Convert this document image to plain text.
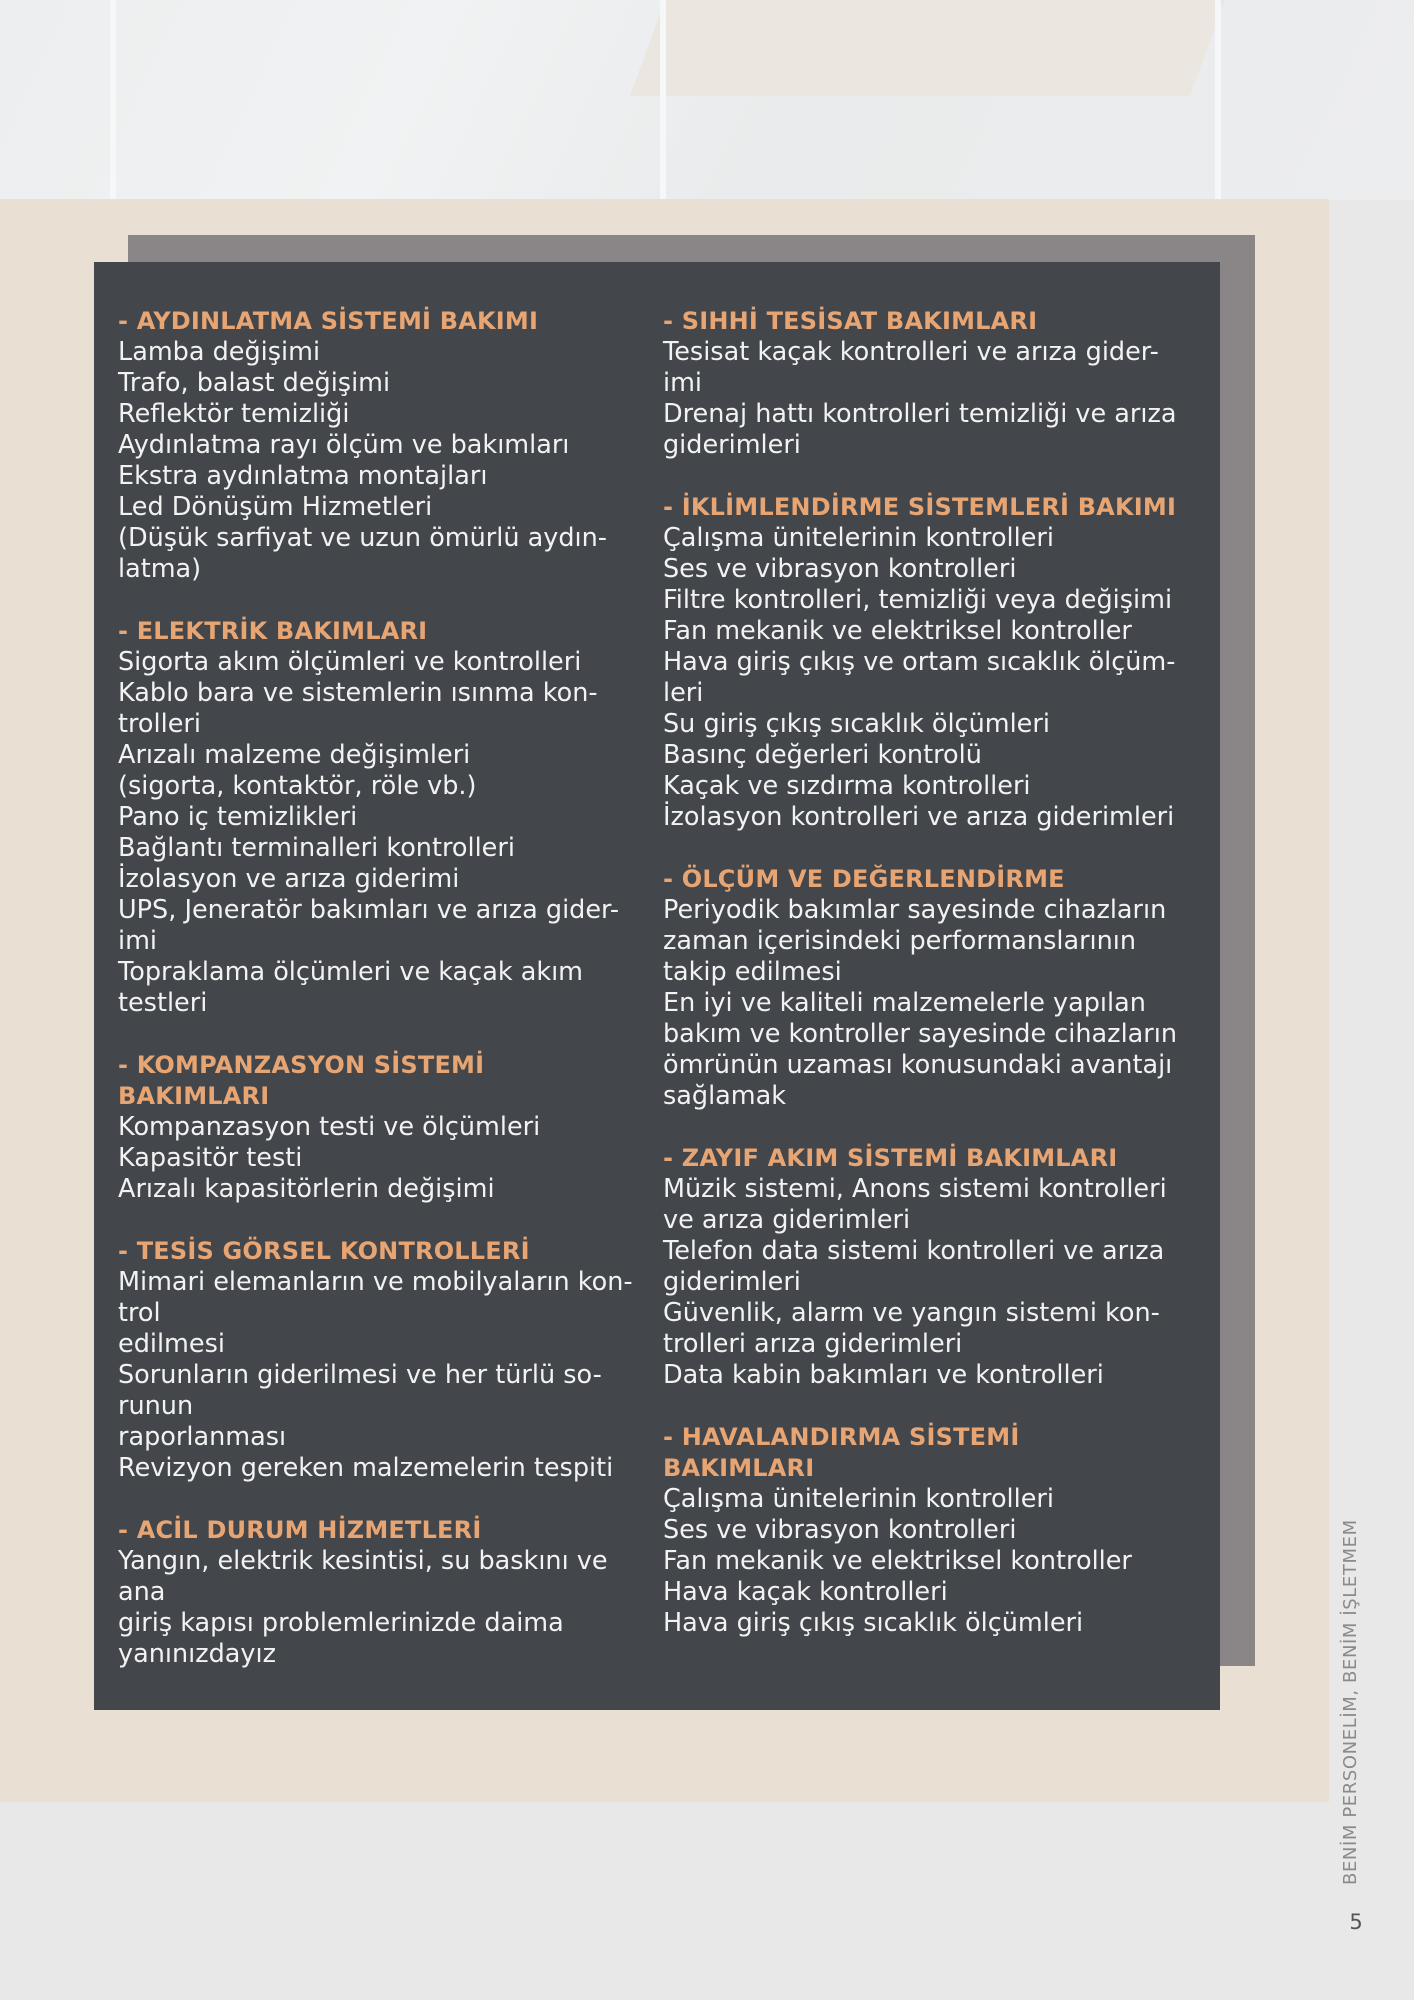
- AYDINLATMA SİSTEMİ BAKIMI
Lamba değişimi
Trafo, balast değişimi
Reflektör temizliği
Aydınlatma rayı ölçüm ve bakımları
Ekstra aydınlatma montajları
Led Dönüşüm Hizmetleri
(Düşük sarfiyat ve uzun ömürlü aydın-
latma)
- ELEKTRİK BAKIMLARI
Sigorta akım ölçümleri ve kontrolleri
Kablo bara ve sistemlerin ısınma kon-
trolleri
Arızalı malzeme değişimleri
(sigorta, kontaktör, röle vb.)
Pano iç temizlikleri
Bağlantı terminalleri kontrolleri
İzolasyon ve arıza giderimi
UPS, Jeneratör bakımları ve arıza gider-
imi
Topraklama ölçümleri ve kaçak akım
testleri
- KOMPANZASYON SİSTEMİ
BAKIMLARI
Kompanzasyon testi ve ölçümleri
Kapasitör testi
Arızalı kapasitörlerin değişimi
- TESİS GÖRSEL KONTROLLERİ
Mimari elemanların ve mobilyaların kon-
trol
edilmesi
Sorunların giderilmesi ve her türlü so-
runun
raporlanması
Revizyon gereken malzemelerin tespiti
- ACİL DURUM HİZMETLERİ
Yangın, elektrik kesintisi, su baskını ve
ana
giriş kapısı problemlerinizde daima
yanınızdayız
- SIHHİ TESİSAT BAKIMLARI
Tesisat kaçak kontrolleri ve arıza gider-
imi
Drenaj hattı kontrolleri temizliği ve arıza
giderimleri
- İKLİMLENDİRME SİSTEMLERİ BAKIMI
Çalışma ünitelerinin kontrolleri
Ses ve vibrasyon kontrolleri
Filtre kontrolleri, temizliği veya değişimi
Fan mekanik ve elektriksel kontroller
Hava giriş çıkış ve ortam sıcaklık ölçüm-
leri
Su giriş çıkış sıcaklık ölçümleri
Basınç değerleri kontrolü
Kaçak ve sızdırma kontrolleri
İzolasyon kontrolleri ve arıza giderimleri
- ÖLÇÜM VE DEĞERLENDİRME
Periyodik bakımlar sayesinde cihazların
zaman içerisindeki performanslarının
takip edilmesi
En iyi ve kaliteli malzemelerle yapılan
bakım ve kontroller sayesinde cihazların
ömrünün uzaması konusundaki avantajı
sağlamak
- ZAYIF AKIM SİSTEMİ BAKIMLARI
Müzik sistemi, Anons sistemi kontrolleri
ve arıza giderimleri
Telefon data sistemi kontrolleri ve arıza
giderimleri
Güvenlik, alarm ve yangın sistemi kon-
trolleri arıza giderimleri
Data kabin bakımları ve kontrolleri
- HAVALANDIRMA SİSTEMİ
BAKIMLARI
Çalışma ünitelerinin kontrolleri
Ses ve vibrasyon kontrolleri
Fan mekanik ve elektriksel kontroller
Hava kaçak kontrolleri
Hava giriş çıkış sıcaklık ölçümleri	BENİM PERSONELİM, BENİM İŞLETMEM
5
